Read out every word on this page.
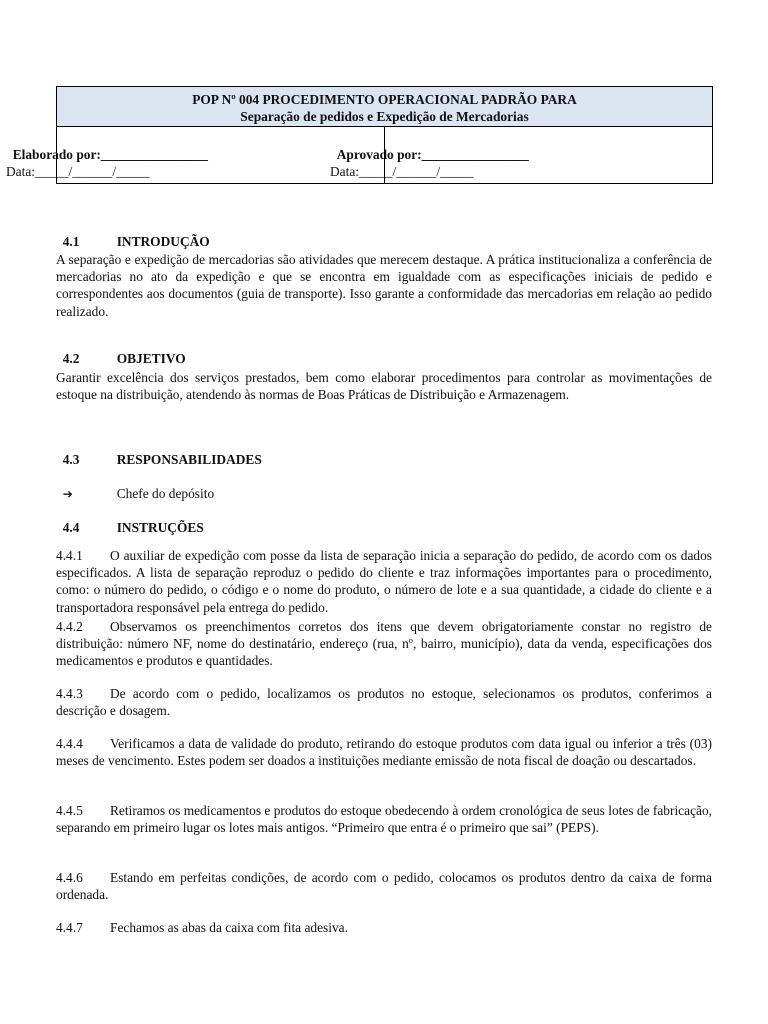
POP Nº 004 PROCEDIMENTO OPERACIONAL PADRÃO PARA
Separação de pedidos e Expedição de Mercadorias

Elaborado por:________________	Aprovado por:________________

Data:_____/______/_____	Data:_____/______/_____

4.1	INTRODUÇÃO

A separação e expedição de mercadorias são atividades que merecem destaque. A prática institucionaliza a conferência de mercadorias no ato da expedição e que se encontra em igualdade com as especificações iniciais de pedido e correspondentes aos documentos (guia de transporte). Isso garante a conformidade das mercadorias em relação ao pedido realizado.

4.2	OBJETIVO

Garantir excelência dos serviços prestados, bem como elaborar procedimentos para controlar as movimentações de estoque na distribuição, atendendo às normas de Boas Práticas de Distribuição e Armazenagem.

4.3	RESPONSABILIDADES

➔	Chefe do depósito

4.4	INSTRUÇÕES

4.4.1 O auxiliar de expedição com posse da lista de separação inicia a separação do pedido, de acordo com os dados especificados. A lista de separação reproduz o pedido do cliente e traz informações importantes para o procedimento, como: o número do pedido, o código e o nome do produto, o número de lote e a sua quantidade, a cidade do cliente e a transportadora responsável pela entrega do pedido.

4.4.2 Observamos os preenchimentos corretos dos itens que devem obrigatoriamente constar no registro de distribuição: número NF, nome do destinatário, endereço (rua, nº, bairro, município), data da venda, especificações dos medicamentos e produtos e quantidades.

4.4.3 De acordo com o pedido, localizamos os produtos no estoque, selecionamos os produtos, conferimos a descrição e dosagem.

4.4.4 Verificamos a data de validade do produto, retirando do estoque produtos com data igual ou inferior a três (03) meses de vencimento. Estes podem ser doados a instituições mediante emissão de nota fiscal de doação ou descartados.

4.4.5 Retiramos os medicamentos e produtos do estoque obedecendo à ordem cronológica de seus lotes de fabricação, separando em primeiro lugar os lotes mais antigos. “Primeiro que entra é o primeiro que sai” (PEPS).

4.4.6 Estando em perfeitas condições, de acordo com o pedido, colocamos os produtos dentro da caixa de forma ordenada.

4.4.7 Fechamos as abas da caixa com fita adesiva.
